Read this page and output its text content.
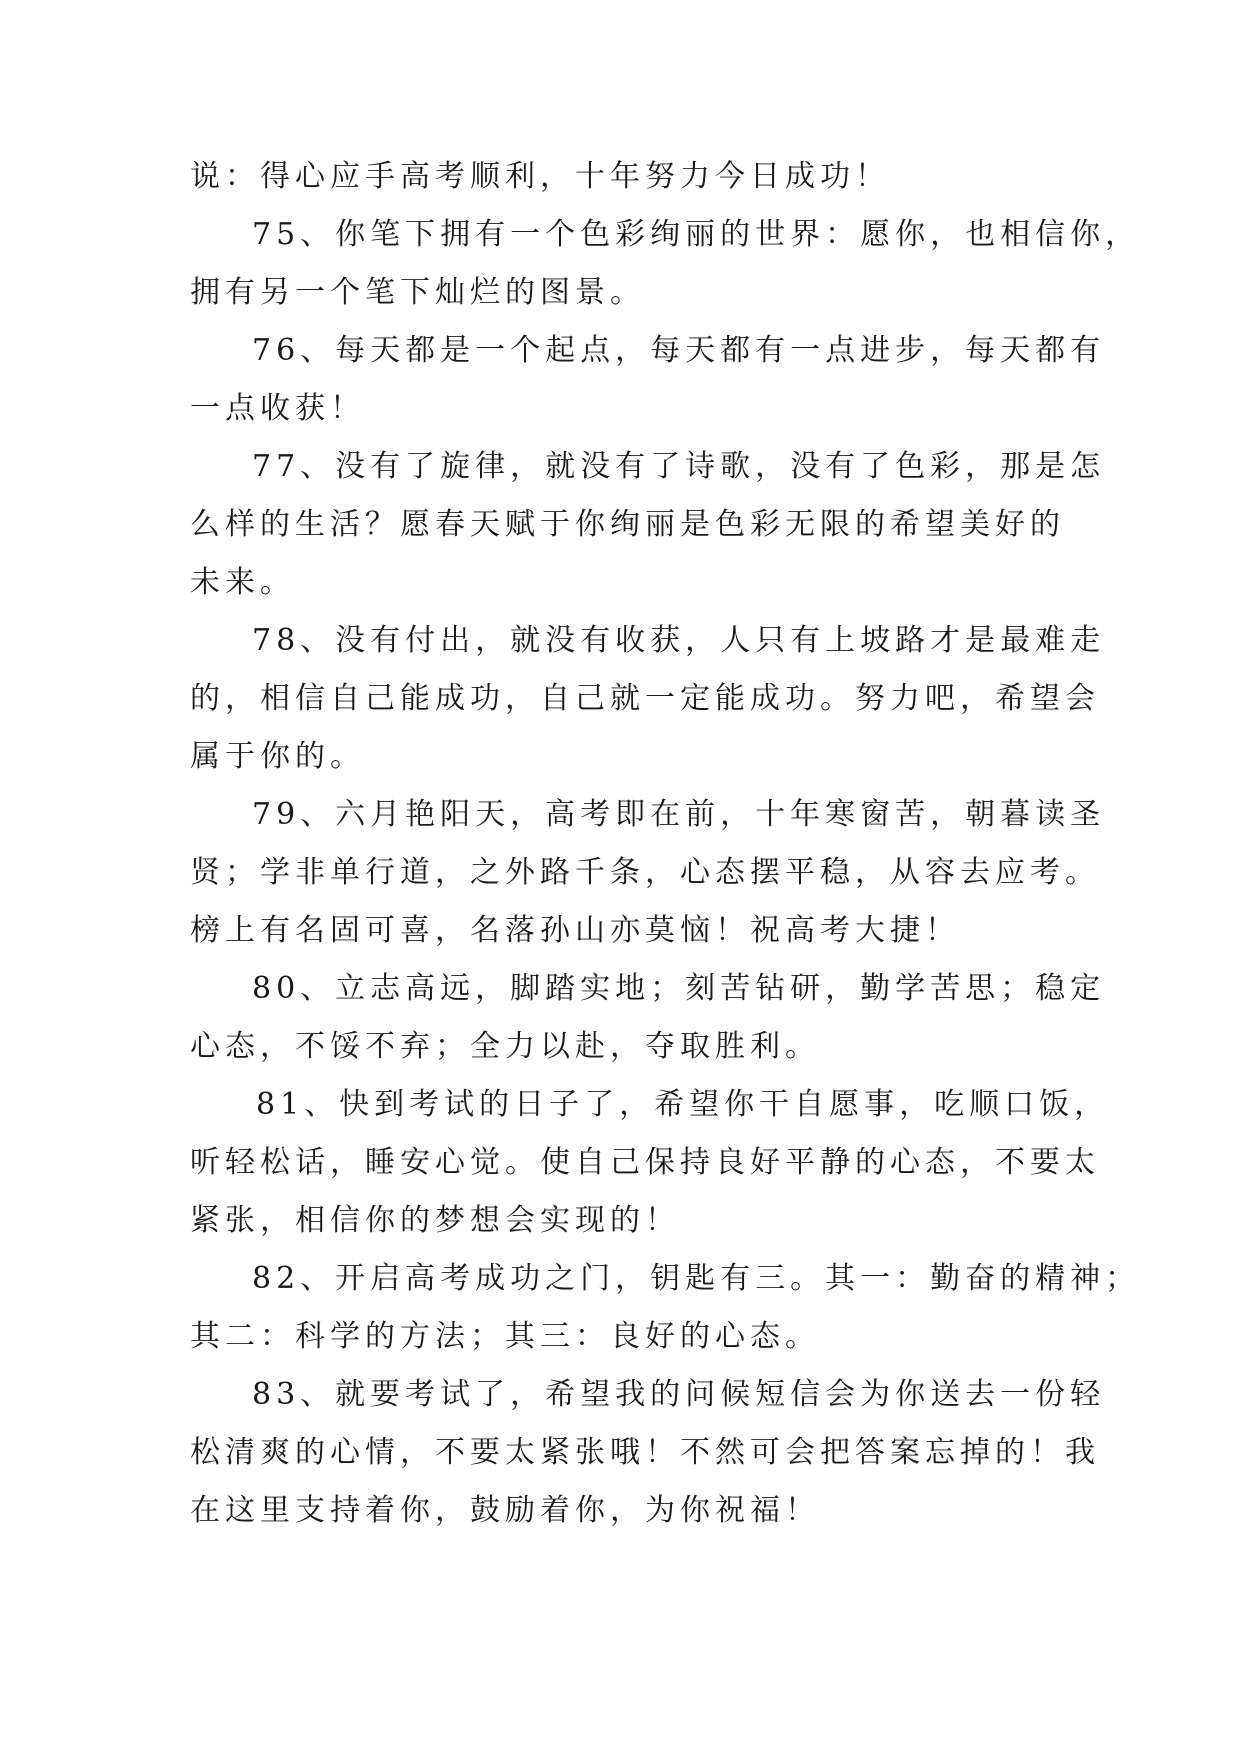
说：得心应手高考顺利，十年努力今日成功！
75、你笔下拥有一个色彩绚丽的世界：愿你，也相信你，
拥有另一个笔下灿烂的图景。
76、每天都是一个起点，每天都有一点进步，每天都有
一点收获！
77、没有了旋律，就没有了诗歌，没有了色彩，那是怎
么样的生活？愿春天赋于你绚丽是色彩无限的希望美好的
未来。
78、没有付出，就没有收获，人只有上坡路才是最难走
的，相信自己能成功，自己就一定能成功。努力吧，希望会
属于你的。
79、六月艳阳天，高考即在前，十年寒窗苦，朝暮读圣
贤；学非单行道，之外路千条，心态摆平稳，从容去应考。
榜上有名固可喜，名落孙山亦莫恼！祝高考大捷！
80、立志高远，脚踏实地；刻苦钻研，勤学苦思；稳定
心态，不馁不弃；全力以赴，夺取胜利。
81、快到考试的日子了，希望你干自愿事，吃顺口饭，
听轻松话，睡安心觉。使自己保持良好平静的心态，不要太
紧张，相信你的梦想会实现的！
82、开启高考成功之门，钥匙有三。其一：勤奋的精神；
其二：科学的方法；其三：良好的心态。
83、就要考试了，希望我的问候短信会为你送去一份轻
松清爽的心情，不要太紧张哦！不然可会把答案忘掉的！我
在这里支持着你，鼓励着你，为你祝福！
